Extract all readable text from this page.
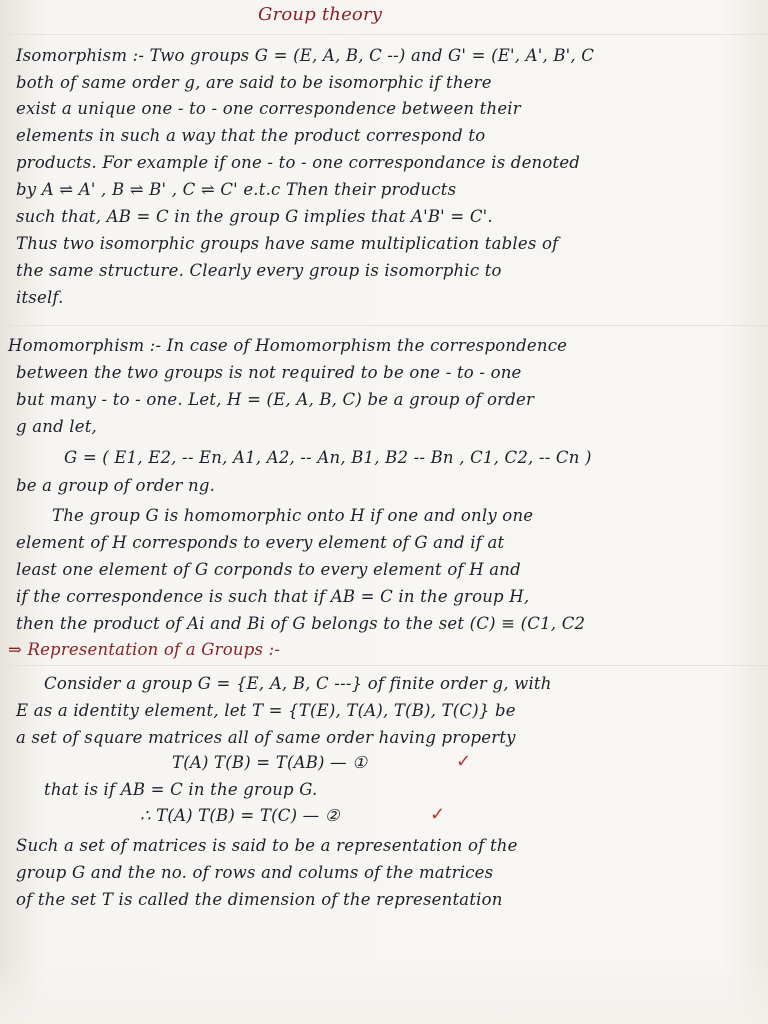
Group theory
Isomorphism :- Two groups G = (E, A, B, C --) and G' = (E', A', B', C
both of same order g, are said to be isomorphic if there
exist a unique one - to - one correspondence between their
elements in such a way that the product correspond to
products. For example if one - to - one correspondance is denoted
by A ⇌ A' , B ⇌ B' , C ⇌ C' e.t.c Then their products
such that, AB = C in the group G implies that A'B' = C'.
Thus two isomorphic groups have same multiplication tables of
the same structure. Clearly every group is isomorphic to
itself.
Homomorphism :- In case of Homomorphism the correspondence
between the two groups is not required to be one - to - one
but many - to - one. Let, H = (E, A, B, C) be a group of order
g and let,
G = ( E1, E2, -- En, A1, A2, -- An, B1, B2 -- Bn , C1, C2, -- Cn )
be a group of order ng.
The group G is homomorphic onto H if one and only one
element of H corresponds to every element of G and if at
least one element of G corponds to every element of H and
if the correspondence is such that if AB = C in the group H,
then the product of Ai and Bi of G belongs to the set (C) ≡ (C1, C2
⇒ Representation of a Groups :-
Consider a group G = {E, A, B, C ---} of finite order g, with
E as a identity element, let T = {T(E), T(A), T(B), T(C)} be
a set of square matrices all of same order having property
T(A) T(B) = T(AB) — ①	✓
that is if AB = C in the group G.
∴ T(A) T(B) = T(C) — ②	✓
Such a set of matrices is said to be a representation of the
group G and the no. of rows and colums of the matrices
of the set T is called the dimension of the representation
